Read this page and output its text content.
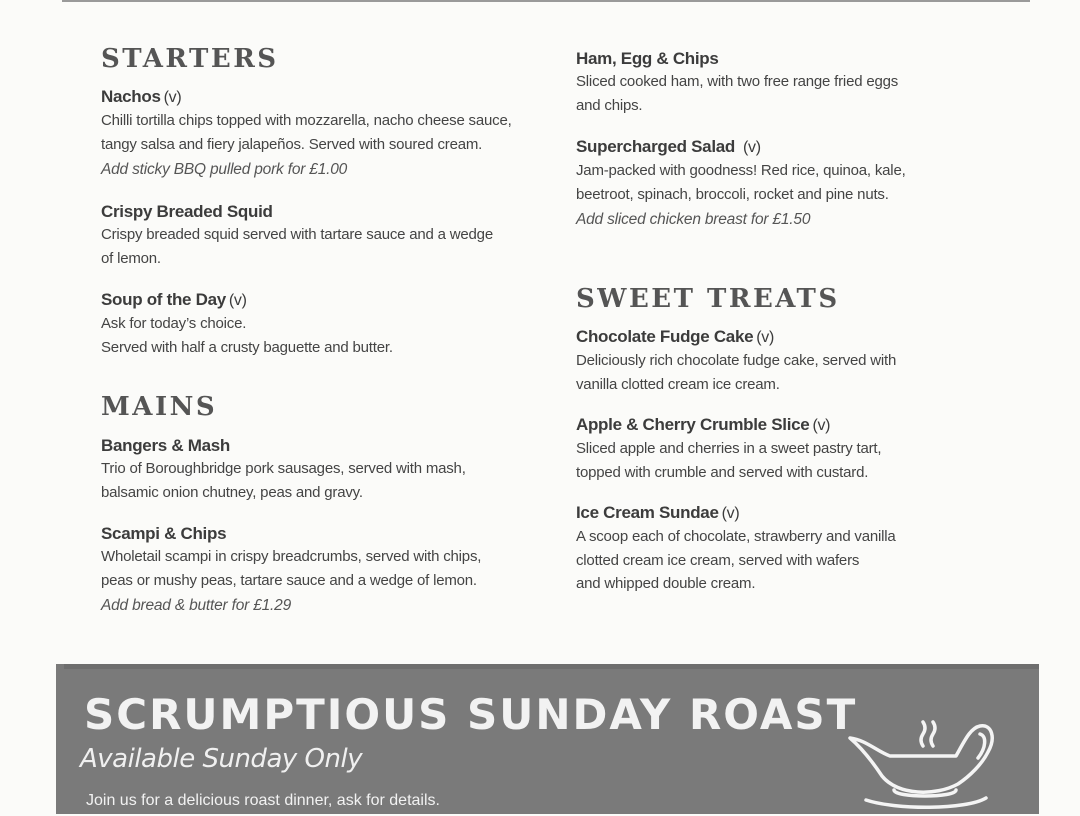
STARTERS
Nachos (v)
Chilli tortilla chips topped with mozzarella, nacho cheese sauce,
tangy salsa and fiery jalapeños. Served with soured cream.
Add sticky BBQ pulled pork for £1.00
Crispy Breaded Squid
Crispy breaded squid served with tartare sauce and a wedge
of lemon.
Soup of the Day (v)
Ask for today’s choice.
Served with half a crusty baguette and butter.
MAINS
Bangers & Mash
Trio of Boroughbridge pork sausages, served with mash,
balsamic onion chutney, peas and gravy.
Scampi & Chips
Wholetail scampi in crispy breadcrumbs, served with chips,
peas or mushy peas, tartare sauce and a wedge of lemon.
Add bread & butter for £1.29
Ham, Egg & Chips
Sliced cooked ham, with two free range fried eggs
and chips.
Supercharged Salad (v)
Jam-packed with goodness! Red rice, quinoa, kale,
beetroot, spinach, broccoli, rocket and pine nuts.
Add sliced chicken breast for £1.50
SWEET TREATS
Chocolate Fudge Cake (v)
Deliciously rich chocolate fudge cake, served with
vanilla clotted cream ice cream.
Apple & Cherry Crumble Slice (v)
Sliced apple and cherries in a sweet pastry tart,
topped with crumble and served with custard.
Ice Cream Sundae (v)
A scoop each of chocolate, strawberry and vanilla
clotted cream ice cream, served with wafers
and whipped double cream.
SCRUMPTIOUS SUNDAY ROAST
Available Sunday Only
Join us for a delicious roast dinner, ask for details.
